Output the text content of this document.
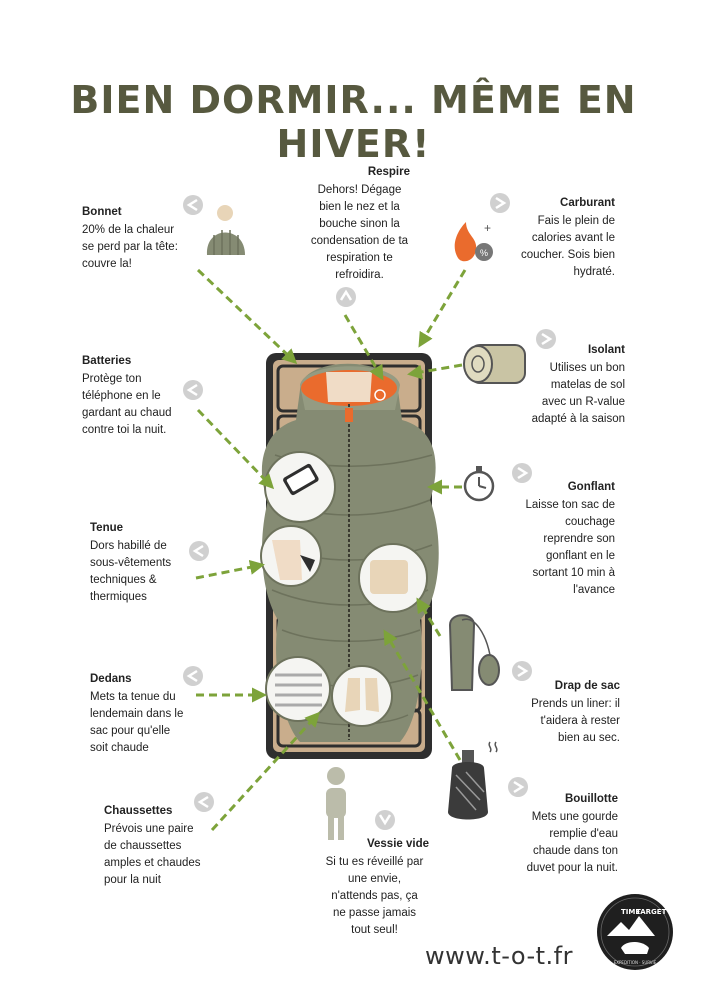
BIEN DORMIR... MÊME EN HIVER!
%
+
Bonnet
20% de la chaleur
se perd par la tête:
couvre la!
Respire
Dehors! Dégage
bien le nez et la
bouche sinon la
condensation de ta
respiration te
refroidira.
Carburant
Fais le plein de
calories avant le
coucher. Sois bien
hydraté.
Batteries
Protège ton
téléphone en le
gardant au chaud
contre toi la nuit.
Isolant
Utilises un bon
matelas de sol
avec un R-value
adapté à la saison
Gonflant
Laisse ton sac de
couchage
reprendre son
gonflant en le
sortant 10 min à
l'avance
Tenue
Dors habillé de
sous-vêtements
techniques &
thermiques
Dedans
Mets ta tenue du
lendemain dans le
sac pour qu'elle
soit chaude
Drap de sac
Prends un liner: il
t'aidera à rester
bien au sec.
Bouillotte
Mets une gourde
remplie d'eau
chaude dans ton
duvet pour la nuit.
Chaussettes
Prévois une paire
de chaussettes
amples et chaudes
pour la nuit
Vessie vide
Si tu es réveillé par
une envie,
n'attends pas, ça
ne passe jamais
tout seul!
www.t-o-t.fr
TIME
TARGET
EXPEDITION · SURVIE
